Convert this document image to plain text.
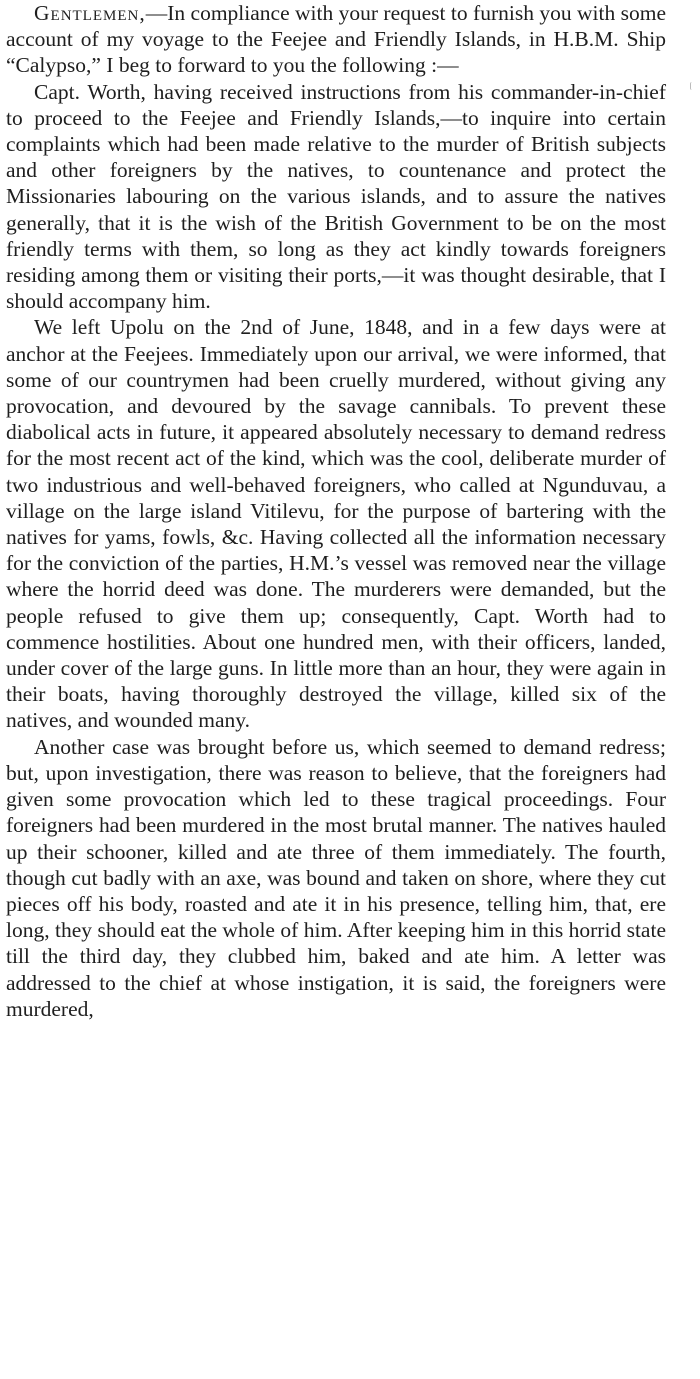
Gentlemen,—In compliance with your request to furnish you with some account of my voyage to the Feejee and Friendly Islands, in H.B.M. Ship “Calypso,” I beg to forward to you the following :—

Capt. Worth, having received instructions from his commander-in-chief to proceed to the Feejee and Friendly Islands,—to inquire into certain complaints which had been made relative to the murder of British subjects and other foreigners by the natives, to countenance and protect the Missionaries labouring on the various islands, and to assure the natives generally, that it is the wish of the British Government to be on the most friendly terms with them, so long as they act kindly towards foreigners residing among them or visiting their ports,—it was thought desirable, that I should accompany him.

We left Upolu on the 2nd of June, 1848, and in a few days were at anchor at the Feejees. Immediately upon our arrival, we were informed, that some of our countrymen had been cruelly murdered, without giving any provocation, and devoured by the savage cannibals. To prevent these diabolical acts in future, it appeared absolutely necessary to demand redress for the most recent act of the kind, which was the cool, deliberate murder of two industrious and well-behaved foreigners, who called at Ngunduvau, a village on the large island Vitilevu, for the purpose of bartering with the natives for yams, fowls, &c. Having collected all the information necessary for the conviction of the parties, H.M.’s vessel was removed near the village where the horrid deed was done. The murderers were demanded, but the people refused to give them up; consequently, Capt. Worth had to commence hostilities. About one hundred men, with their officers, landed, under cover of the large guns. In little more than an hour, they were again in their boats, having thoroughly destroyed the village, killed six of the natives, and wounded many.

Another case was brought before us, which seemed to demand redress; but, upon investigation, there was reason to believe, that the foreigners had given some provocation which led to these tragical proceedings. Four foreigners had been murdered in the most brutal manner. The natives hauled up their schooner, killed and ate three of them immediately. The fourth, though cut badly with an axe, was bound and taken on shore, where they cut pieces off his body, roasted and ate it in his presence, telling him, that, ere long, they should eat the whole of him. After keeping him in this horrid state till the third day, they clubbed him, baked and ate him. A letter was addressed to the chief at whose instigation, it is said, the foreigners were murdered,
